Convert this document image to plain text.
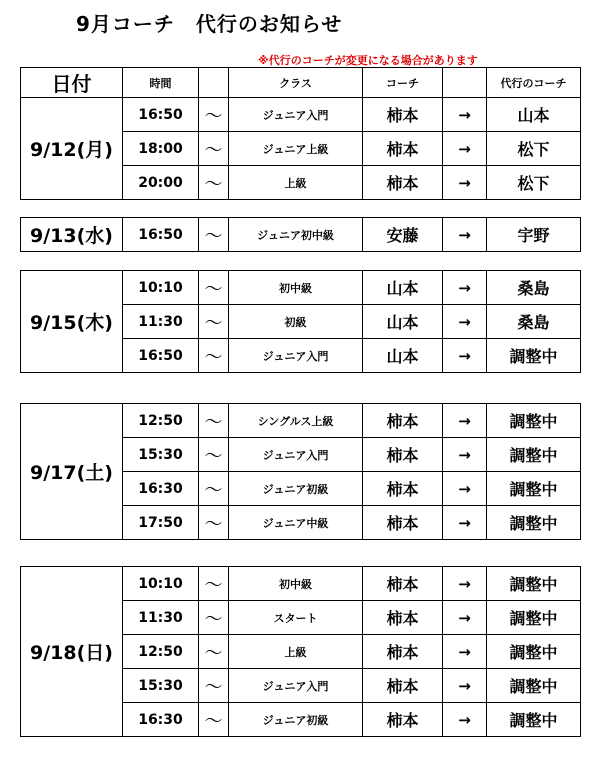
9月コーチ　代行のお知らせ
※代行のコーチが変更になる場合があります
日付	時間		クラス	コーチ		代行のコーチ
9/12(月)	16:50	〜	ジュニア入門	柿本	→	山本
	18:00	〜	ジュニア上級	柿本	→	松下
	20:00	〜	上級	柿本	→	松下
9/13(水)	16:50	〜	ジュニア初中級	安藤	→	宇野
9/15(木)	10:10	〜	初中級	山本	→	桑島
	11:30	〜	初級	山本	→	桑島
	16:50	〜	ジュニア入門	山本	→	調整中
9/17(土)	12:50	〜	シングルス上級	柿本	→	調整中
	15:30	〜	ジュニア入門	柿本	→	調整中
	16:30	〜	ジュニア初級	柿本	→	調整中
	17:50	〜	ジュニア中級	柿本	→	調整中
9/18(日)	10:10	〜	初中級	柿本	→	調整中
	11:30	〜	スタート	柿本	→	調整中
	12:50	〜	上級	柿本	→	調整中
	15:30	〜	ジュニア入門	柿本	→	調整中
	16:30	〜	ジュニア初級	柿本	→	調整中
